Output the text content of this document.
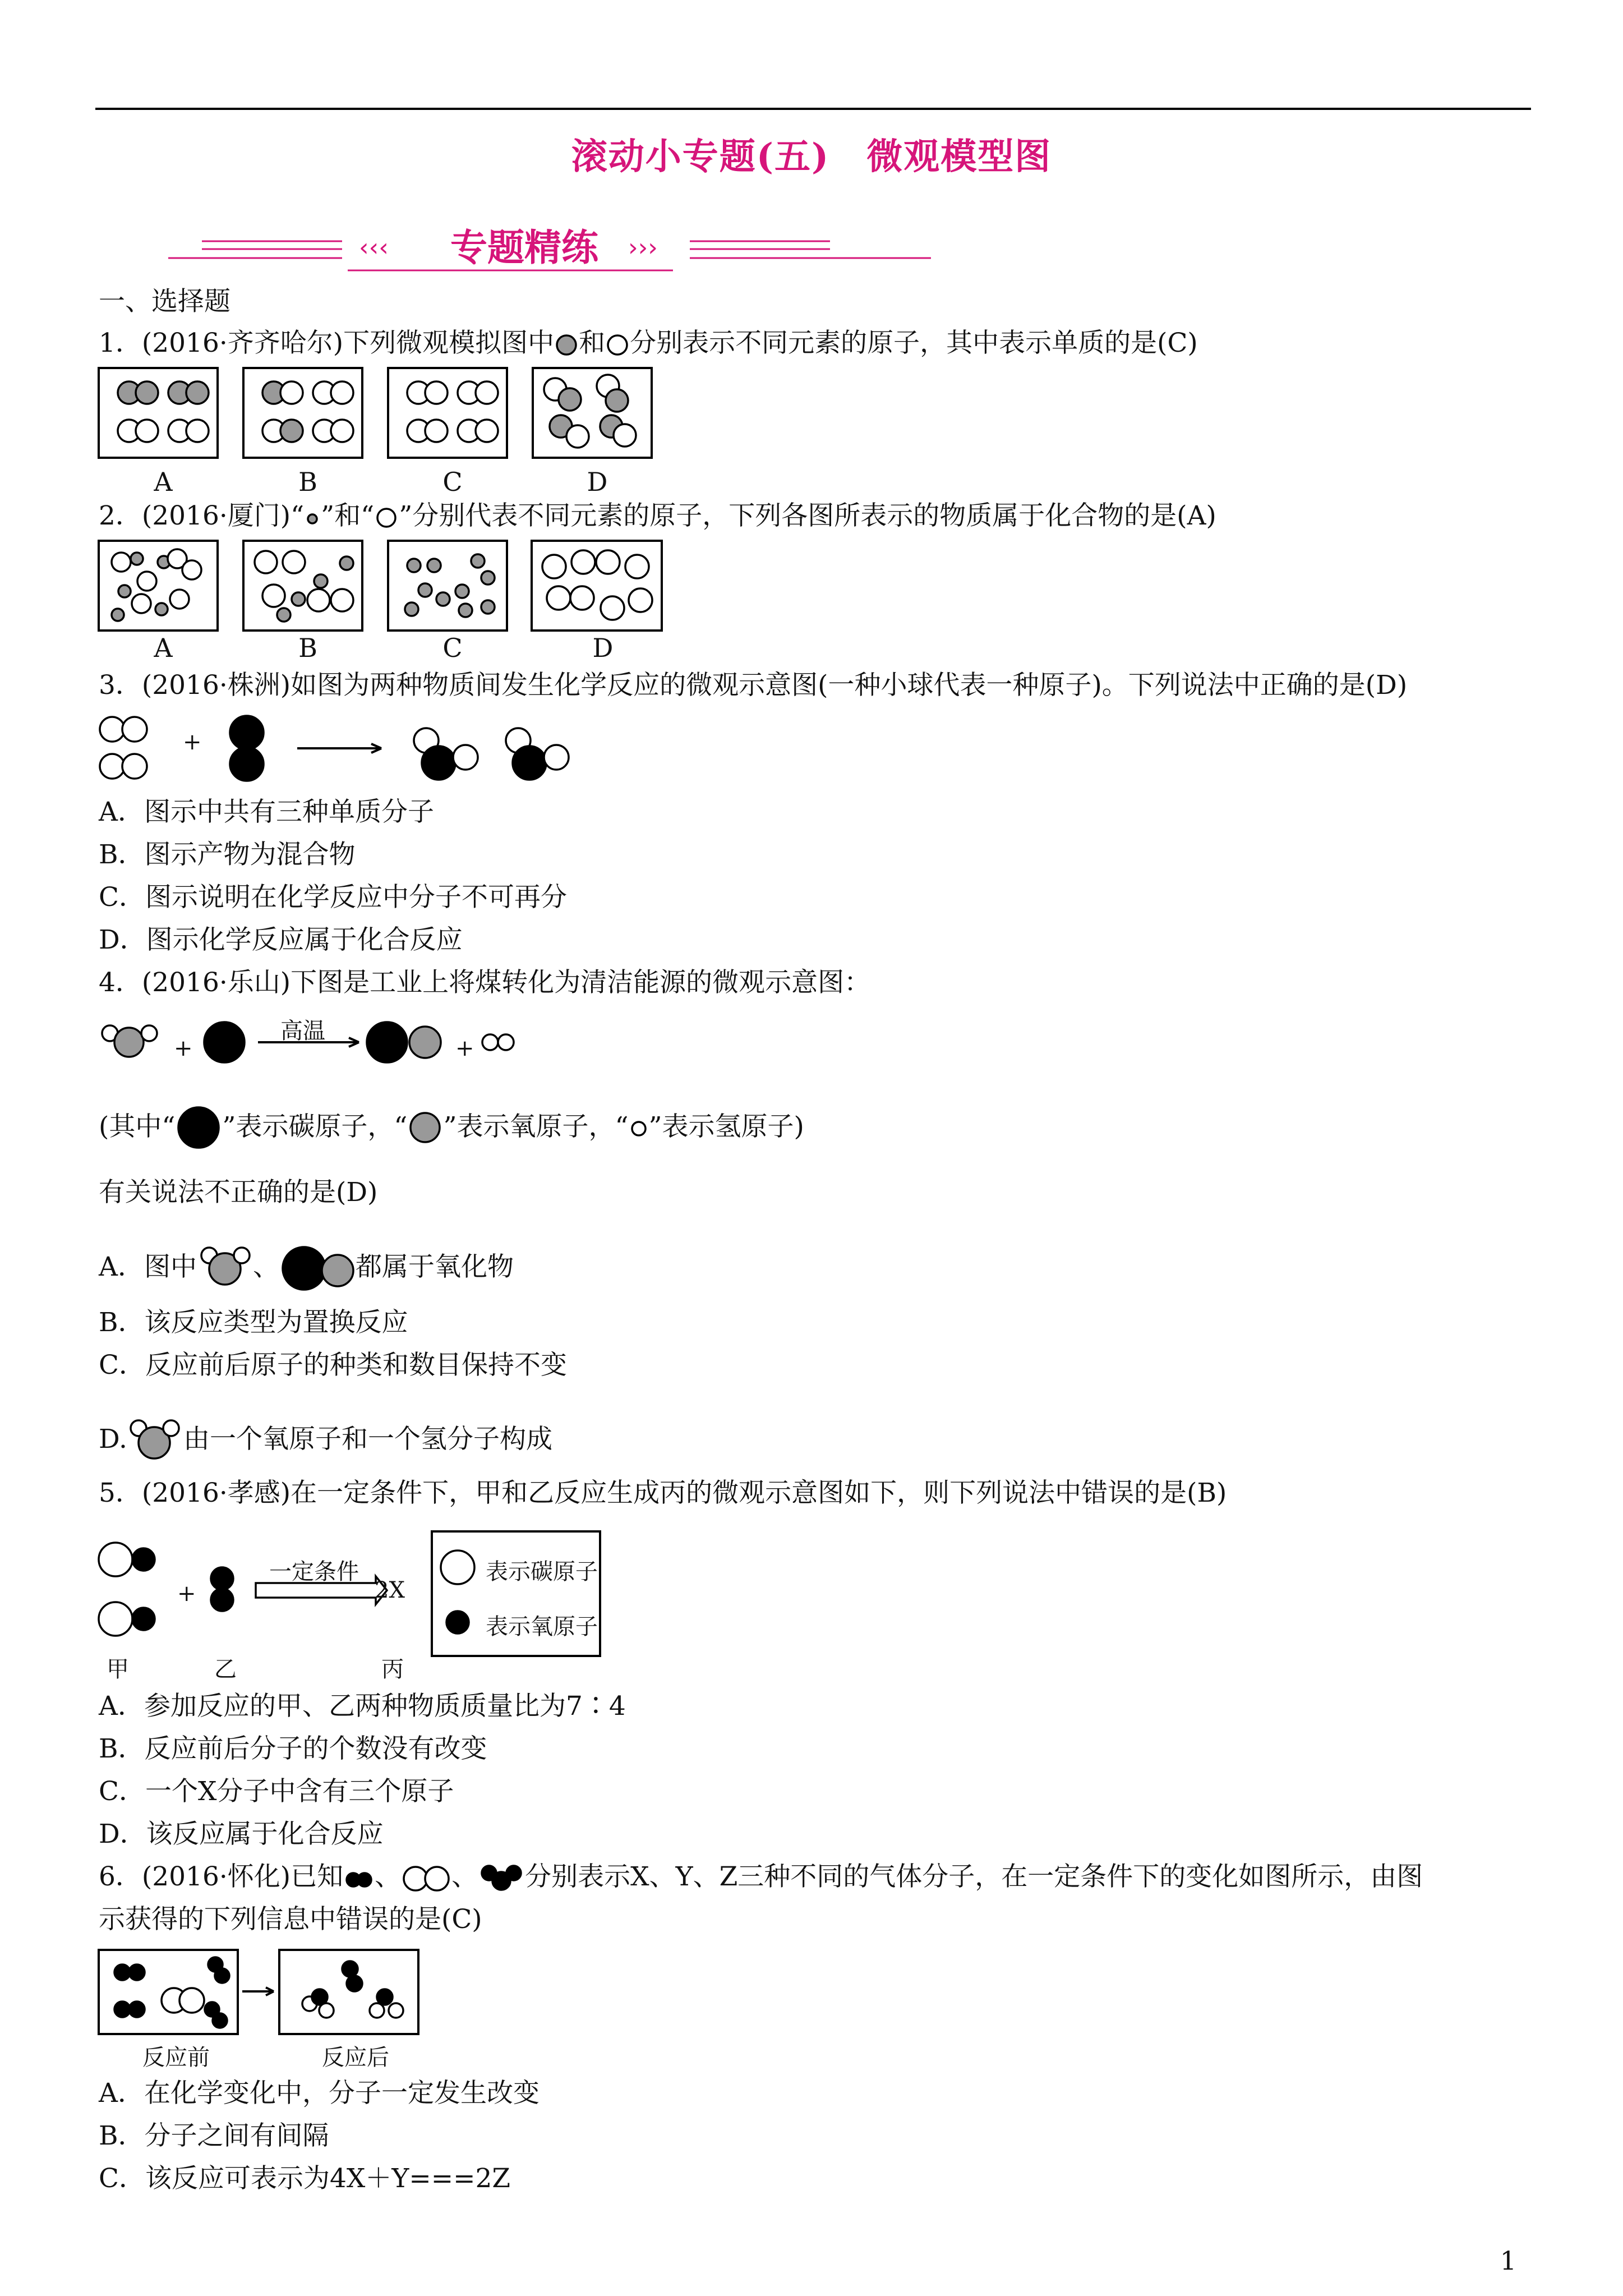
滚动小专题(五)　微观模型图
‹‹‹	›››
专题精练
一、选择题
1．(2016·齐齐哈尔)下列微观模拟图中 和 分别表示不同元素的原子，其中表示单质的是(C)
A	B	C	D
2．(2016·厦门)“ ”和“ ”分别代表不同元素的原子，下列各图所表示的物质属于化合物的是(A)
A	B	C	D
3．(2016·株洲)如图为两种物质间发生化学反应的微观示意图(一种小球代表一种原子)。下列说法中正确的是(D)
+
A．图示中共有三种单质分子
B．图示产物为混合物
C．图示说明在化学反应中分子不可再分
D．图示化学反应属于化合反应
4．(2016·乐山)下图是工业上将煤转化为清洁能源的微观示意图：
+	+
高温
(其中“ ”表示碳原子，“ ”表示氧原子，“ ”表示氢原子)
有关说法不正确的是(D)
A．图中 、	都属于氧化物
B．该反应类型为置换反应
C．反应前后原子的种类和数目保持不变
D. 由一个氧原子和一个氢分子构成
5．(2016·孝感)在一定条件下，甲和乙反应生成丙的微观示意图如下，则下列说法中错误的是(B)
+
一定条件
2X
表示碳原子
表示氧原子
甲	乙	丙
A．参加反应的甲、乙两种物质质量比为7∶4
B．反应前后分子的个数没有改变
C．一个X分子中含有三个原子
D．该反应属于化合反应
6．(2016·怀化)已知 、 、 分别表示X、Y、Z三种不同的气体分子，在一定条件下的变化如图所示，由图
示获得的下列信息中错误的是(C)
反应前	反应后
A．在化学变化中，分子一定发生改变
B．分子之间有间隔
C．该反应可表示为4X＋Y===2Z
1
